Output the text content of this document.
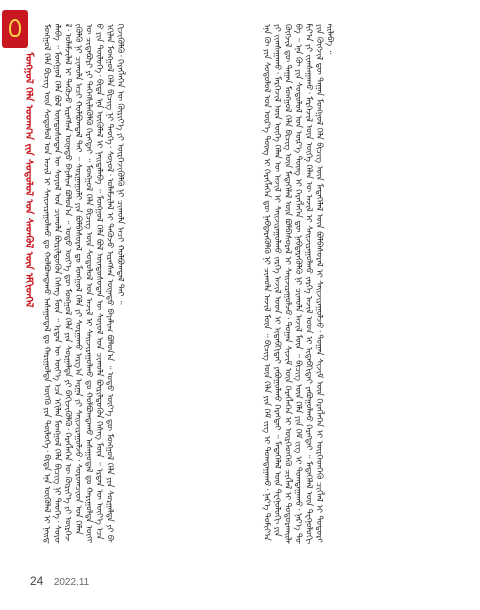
ᠮᠣᠩᠭᠣᠯ ᠬᠡᠯᠡ ᠤᠳᠬ᠎ᠠ ᠵᠢᠨ ᠰᠤᠳᠤᠯᠤᠯ ᠤᠨ ᠰᠡᠳᠬᠦᠯ ᠦᠨ ᠡᠮᠬᠢᠳᠬᠡᠯ	ᠮᠣᠩᠭᠣᠯ ᠬᠡᠯᠡ ᠪᠢᠴᠢᠭ ᠦᠨ ᠰᠤᠳᠤᠯᠤᠯ ᠤᠨ ᠠᠵᠢᠯ ᠢ ᠰᠠᠢᠵᠢᠷᠠᠭᠤᠯᠬᠤ ᠳᠤ ᠬᠣᠯᠪᠣᠭᠳᠠᠬᠤ ᠠᠰᠠᠭᠤᠳᠠᠯ ᠳᠤ ᠬᠠᠷᠢᠭᠤᠯᠲᠠ ᠥᠭᠬᠦ ᠶᠢᠨ ᠲᠥᠯᠥᠭᠡ᠂ ᠪᠢᠳᠡ ᠡᠨᠡ ᠥᠭᠦᠯᠡᠯ ᠢ ᠨᠡᠢᠲᠡᠯᠡᠪᠡ ᠃ ᠮᠣᠩᠭᠣᠯ ᠬᠡᠯᠡ ᠪᠣᠯ ᠦᠨᠳᠦᠰᠦᠲᠡᠨ ᠦ ᠰᠣᠶᠣᠯ ᠤᠨ ᠴᠢᠬᠤᠯᠠ ᠪᠦᠷᠢᠯᠳᠦᠬᠦᠨ ᠬᠡᠰᠡᠭ ᠮᠥᠨ ᠃ ᠡᠷᠲᠡᠨ ᠦ ᠦᠶ᠎ᠡ ᠡᠴᠡ ᠡᠬᠢᠯᠡᠨ ᠮᠣᠩᠭᠣᠯ ᠬᠡᠯᠡ ᠪᠢᠴᠢᠭ ᠨᠢ ᠲᠡᠦᠬᠡ᠂ ᠰᠣᠶᠣᠯ᠂ ᠤᠯᠠᠮᠵᠢᠯᠠᠯ ᠢ ᠲᠡᠭᠦᠵᠦ ᠢᠷᠡᠭᠰᠡᠨ ᠦᠨᠡᠲᠦ ᠪᠠᠶᠠᠯᠢᠭ ᠪᠣᠯᠤᠨ᠎ᠠ ᠃ ᠣᠳᠣ ᠦᠶ᠎ᠡ ᠳᠦ ᠮᠣᠩᠭᠣᠯ ᠬᠡᠯᠡ ᠶᠢᠨ ᠰᠤᠷᠭᠠᠯᠲᠠ ᠶᠢ ᠪᠡᠬᠢᠵᠢᠭᠦᠯᠬᠦ᠂ ᠬᠡᠷᠡᠭᠯᠡᠭᠡᠨ ᠦ ᠬᠦᠷᠢᠶ᠎ᠡ ᠶᠢ ᠥᠷᠭᠡᠵᠢᠭᠦᠯᠬᠦ ᠨᠢ ᠴᠢᠬᠤᠯᠠ ᠠᠴᠢ ᠬᠣᠯᠪᠣᠭᠳᠠᠯ ᠲᠠᠢ ᠃ ᠰᠤᠷᠭᠠᠭᠤᠯᠢ ᠶᠢᠨ ᠪᠣᠯᠪᠠᠰᠤᠷᠠᠯ ᠳᠤ ᠮᠣᠩᠭᠣᠯ ᠬᠡᠯᠡ ᠶᠢ ᠰᠤᠷᠭᠠᠬᠤ ᠠᠷᠭ᠎ᠠ ᠠᠷᠭᠠ ᠶᠢ ᠰᠠᠢᠵᠢᠷᠠᠭᠤᠯᠵᠤ᠂ ᠰᠤᠷᠤᠭᠴᠢᠳ ᠤᠨ ᠬᠡᠯᠡᠨ ᠦ ᠴᠢᠳᠠᠪᠤᠷᠢ ᠶᠢ ᠳᠡᠭᠡᠭᠰᠢᠯᠡᠭᠦᠯᠬᠦ ᠬᠡᠷᠡᠭᠲᠡᠢ ᠃ ᠮᠣᠩᠭᠣᠯ ᠬᠡᠯᠡ ᠪᠢᠴᠢᠭ ᠦᠨ ᠰᠤᠳᠤᠯᠤᠯ ᠤᠨ ᠠᠵᠢᠯ ᠢ ᠰᠠᠢᠵᠢᠷᠠᠭᠤᠯᠬᠤ ᠳᠤ ᠬᠣᠯᠪᠣᠭᠳᠠᠬᠤ ᠠᠰᠠᠭᠤᠳᠠᠯ ᠳᠤ ᠬᠠᠷᠢᠭᠤᠯᠲᠠ ᠥᠭᠬᠦ ᠶᠢᠨ ᠲᠥᠯᠥᠭᠡ᠂ ᠪᠢᠳᠡ ᠡᠨᠡ ᠥᠭᠦᠯᠡᠯ ᠢ ᠨᠡᠢᠲᠡᠯᠡᠪᠡ ᠃ ᠮᠣᠩᠭᠣᠯ ᠬᠡᠯᠡ ᠪᠣᠯ ᠦᠨᠳᠦᠰᠦᠲᠡᠨ ᠦ ᠰᠣᠶᠣᠯ ᠤᠨ ᠴᠢᠬᠤᠯᠠ ᠪᠦᠷᠢᠯᠳᠦᠬᠦᠨ ᠬᠡᠰᠡᠭ ᠮᠥᠨ ᠃ ᠡᠷᠲᠡᠨ ᠦ ᠦᠶ᠎ᠡ ᠡᠴᠡ ᠡᠬᠢᠯᠡᠨ ᠮᠣᠩᠭᠣᠯ ᠬᠡᠯᠡ ᠪᠢᠴᠢᠭ ᠨᠢ ᠲᠡᠦᠬᠡ᠂ ᠰᠣᠶᠣᠯ᠂ ᠤᠯᠠᠮᠵᠢᠯᠠᠯ ᠢ ᠲᠡᠭᠦᠵᠦ ᠢᠷᠡᠭᠰᠡᠨ ᠦᠨᠡᠲᠦ ᠪᠠᠶᠠᠯᠢᠭ ᠪᠣᠯᠤᠨ᠎ᠠ ᠃ ᠣᠳᠣ ᠦᠶ᠎ᠡ ᠳᠦ ᠮᠣᠩᠭᠣᠯ ᠬᠡᠯᠡ ᠶᠢᠨ ᠰᠤᠷᠭᠠᠯᠲᠠ ᠶᠢ ᠪᠡᠬᠢᠵᠢᠭᠦᠯᠬᠦ᠂ ᠬᠡᠷᠡᠭᠯᠡᠭᠡᠨ ᠦ ᠬᠦᠷᠢᠶ᠎ᠡ ᠶᠢ ᠥᠷᠭᠡᠵᠢᠭᠦᠯᠬᠦ ᠨᠢ ᠴᠢᠬᠤᠯᠠ ᠠᠴᠢ ᠬᠣᠯᠪᠣᠭᠳᠠᠯ ᠲᠠᠢ ᠃	ᠡᠨᠡ ᠬᠦ ᠶᠢᠨ ᠰᠤᠳᠤᠯᠤᠯ ᠤᠨ ᠦᠷ᠎ᠡ ᠳᠦᠩ ᠢ ᠬᠡᠷᠡᠭᠯᠡᠭᠡᠨ ᠳᠦ ᠨᠡᠪᠲᠡᠷᠡᠭᠦᠯᠬᠦ ᠨᠢ ᠴᠢᠬᠤᠯᠠ ᠠᠵᠢᠯ ᠮᠥᠨ ᠃ ᠪᠢᠴᠢᠭ ᠦᠨ ᠬᠡᠯᠡ ᠶᠢᠨ ᠬᠡᠮ ᠵᠢᠭ ᠢ ᠲᠣᠭᠲᠠᠭᠠᠬᠤ᠂ ᠨᠡᠷ᠎ᠡ ᠲᠣᠮᠢᠶ᠎ᠠ ᠶᠢ ᠵᠢᠭᠰᠠᠭᠠᠬᠤ᠂ ᠮᠡᠷᠭᠡᠵᠢᠯ ᠦᠨ ᠦᠭᠡ ᠬᠡᠯᠡᠨ ᠦ ᠠᠵᠢᠯ ᠢ ᠰᠠᠢᠵᠢᠷᠠᠭᠤᠯᠬᠤ ᠵᠡᠷᠭᠡ ᠠᠵᠢᠯ ᠤᠳ ᠢ ᠢᠳᠡᠪᠬᠢᠲᠡᠢ ᠶᠠᠪᠤᠭᠤᠯᠬᠤ ᠬᠡᠷᠡᠭᠲᠡᠢ ᠃ ᠮᠡᠳᠡᠭᠡᠯᠡᠯ ᠦᠨ ᠲᠧᠬᠨᠣᠯᠣᠭᠢ ᠶᠢᠨ ᠬᠥᠭᠵᠢᠯ ᠳᠦ ᠳᠠᠭᠠᠨ ᠮᠣᠩᠭᠣᠯ ᠬᠡᠯᠡ ᠪᠢᠴᠢᠭ ᠦᠨ ᠮᠡᠳᠡᠭᠡᠯᠡᠯ ᠦᠨ ᠪᠣᠯᠪᠠᠰᠤᠷᠠᠯ ᠢ ᠰᠠᠢᠵᠢᠷᠠᠭᠤᠯᠵᠤ᠂ ᠲᠣᠭᠠᠨ ᠰᠢᠵᠢᠮ ᠦᠨ ᠬᠡᠷᠡᠭᠯᠡᠭᠡᠨ ᠢ ᠥᠷᠭᠡᠳᠬᠡᠬᠦ ᠴᠢᠭᠯᠡᠯ ᠢ ᠲᠣᠳᠣᠷᠬᠠᠢᠯᠠᠪᠠ ᠃ ᠡᠨᠡ ᠬᠦ ᠶᠢᠨ ᠰᠤᠳᠤᠯᠤᠯ ᠤᠨ ᠦᠷ᠎ᠡ ᠳᠦᠩ ᠢ ᠬᠡᠷᠡᠭᠯᠡᠭᠡᠨ ᠳᠦ ᠨᠡᠪᠲᠡᠷᠡᠭᠦᠯᠬᠦ ᠨᠢ ᠴᠢᠬᠤᠯᠠ ᠠᠵᠢᠯ ᠮᠥᠨ ᠃ ᠪᠢᠴᠢᠭ ᠦᠨ ᠬᠡᠯᠡ ᠶᠢᠨ ᠬᠡᠮ ᠵᠢᠭ ᠢ ᠲᠣᠭᠲᠠᠭᠠᠬᠤ᠂ ᠨᠡᠷ᠎ᠡ ᠲᠣᠮᠢᠶ᠎ᠠ ᠶᠢ ᠵᠢᠭᠰᠠᠭᠠᠬᠤ᠂ ᠮᠡᠷᠭᠡᠵᠢᠯ ᠦᠨ ᠦᠭᠡ ᠬᠡᠯᠡᠨ ᠦ ᠠᠵᠢᠯ ᠢ ᠰᠠᠢᠵᠢᠷᠠᠭᠤᠯᠬᠤ ᠵᠡᠷᠭᠡ ᠠᠵᠢᠯ ᠤᠳ ᠢ ᠢᠳᠡᠪᠬᠢᠲᠡᠢ ᠶᠠᠪᠤᠭᠤᠯᠬᠤ ᠬᠡᠷᠡᠭᠲᠡᠢ ᠃ ᠮᠡᠳᠡᠭᠡᠯᠡᠯ ᠦᠨ ᠲᠧᠬᠨᠣᠯᠣᠭᠢ ᠶᠢᠨ ᠬᠥᠭᠵᠢᠯ ᠳᠦ ᠳᠠᠭᠠᠨ ᠮᠣᠩᠭᠣᠯ ᠬᠡᠯᠡ ᠪᠢᠴᠢᠭ ᠦᠨ ᠮᠡᠳᠡᠭᠡᠯᠡᠯ ᠦᠨ ᠪᠣᠯᠪᠠᠰᠤᠷᠠᠯ ᠢ ᠰᠠᠢᠵᠢᠷᠠᠭᠤᠯᠵᠤ᠂ ᠲᠣᠭᠠᠨ ᠰᠢᠵᠢᠮ ᠦᠨ ᠬᠡᠷᠡᠭᠯᠡᠭᠡᠨ ᠢ ᠥᠷᠭᠡᠳᠬᠡᠬᠦ ᠴᠢᠭᠯᠡᠯ ᠢ ᠲᠣᠳᠣᠷᠬᠠᠢᠯᠠᠪᠠ ᠃
24 2022.11
